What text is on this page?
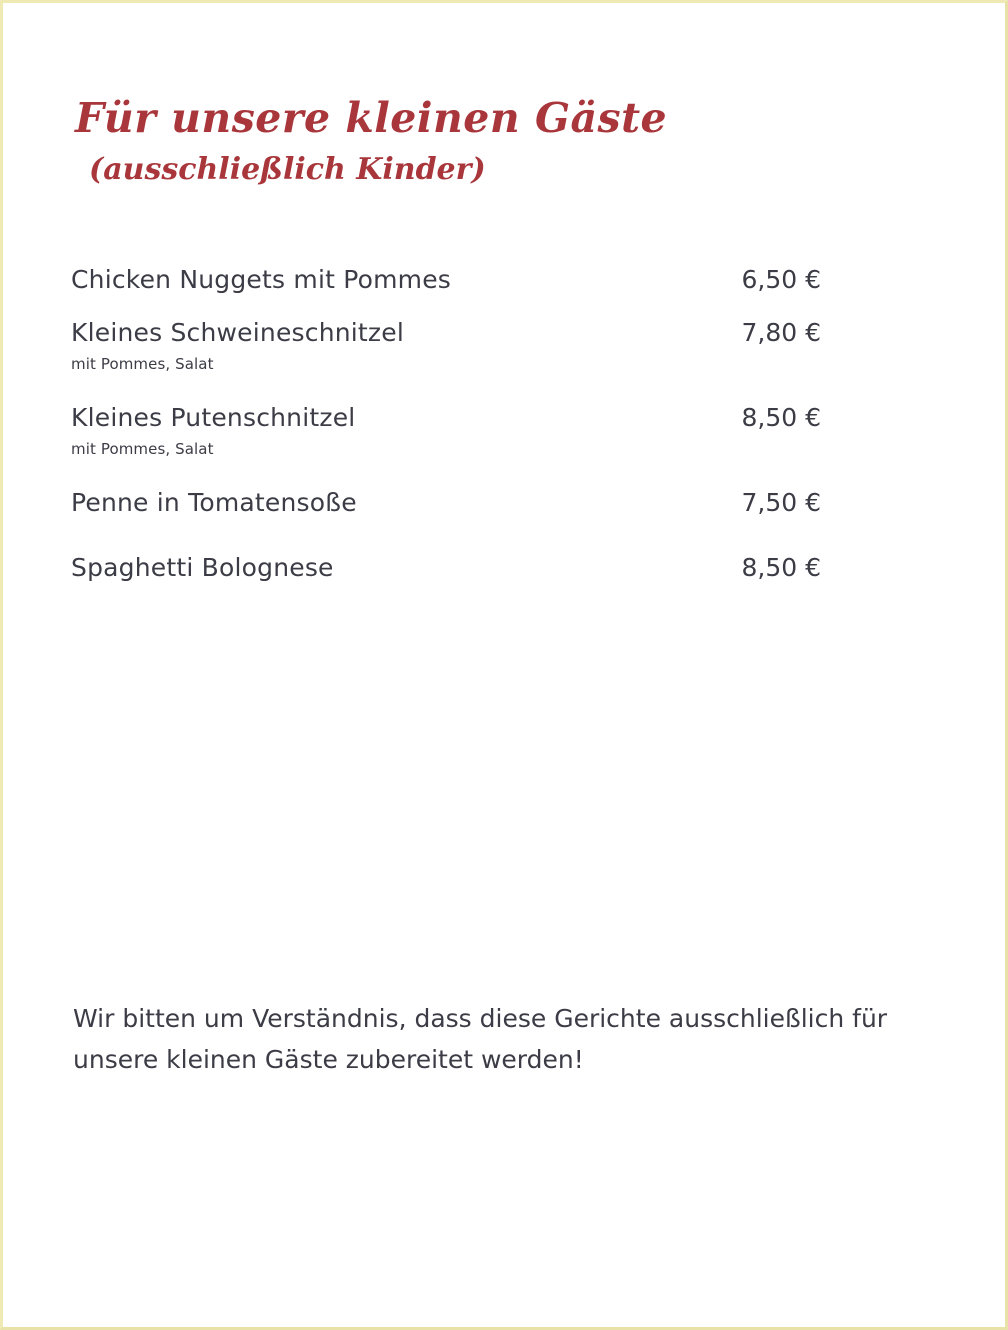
Für unsere kleinen Gäste
(ausschließlich Kinder)
Chicken Nuggets mit Pommes	6,50 €
Kleines Schweineschnitzel	7,80 €
mit Pommes, Salat
Kleines Putenschnitzel	8,50 €
mit Pommes, Salat
Penne in Tomatensoße	7,50 €
Spaghetti Bolognese	8,50 €
Wir bitten um Verständnis, dass diese Gerichte ausschließlich für unsere kleinen Gäste zubereitet werden!
